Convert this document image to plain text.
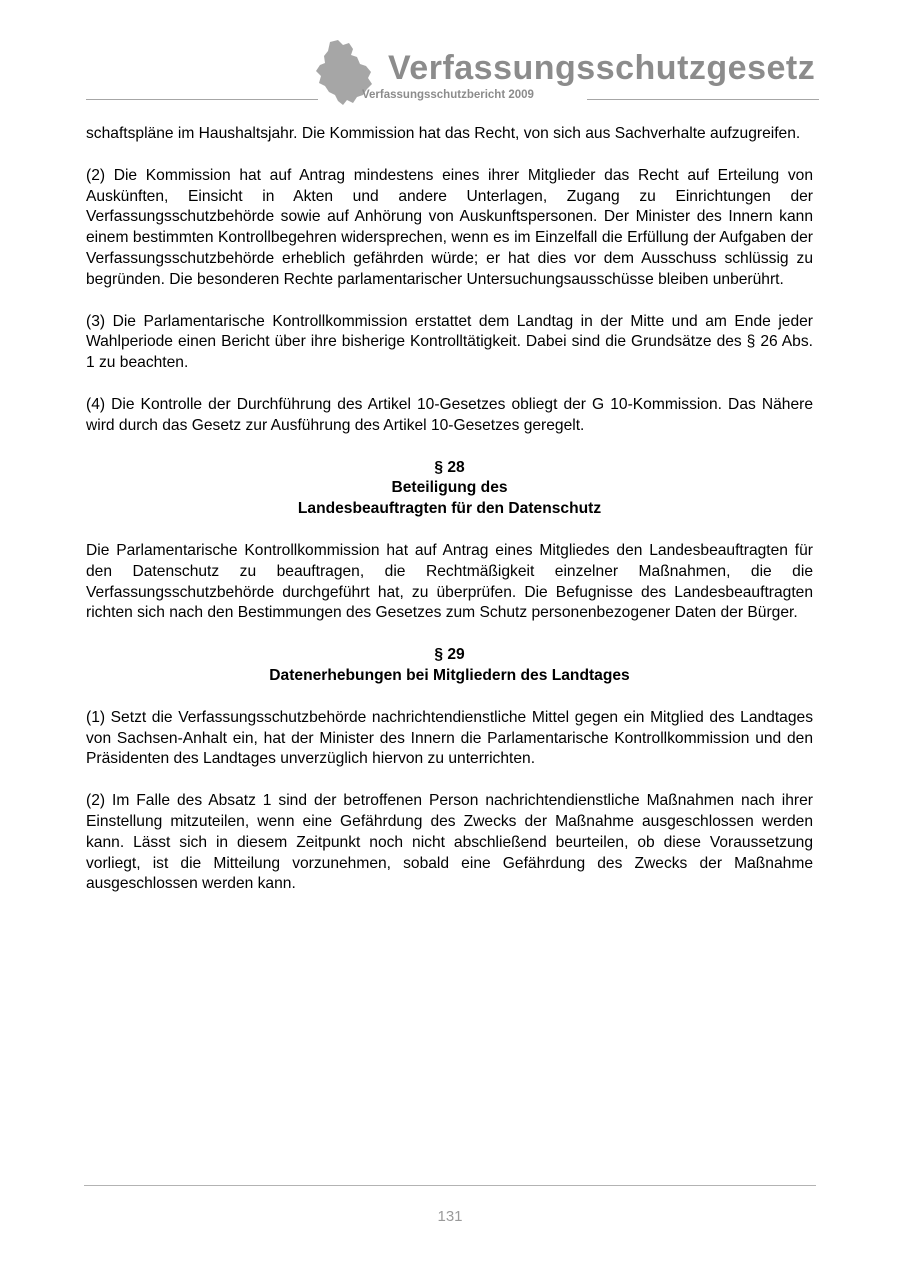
Verfassungsschutzgesetz
Verfassungsschutzbericht 2009

schaftspläne im Haushaltsjahr. Die Kommission hat das Recht, von sich aus Sachverhalte aufzugreifen.

(2) Die Kommission hat auf Antrag mindestens eines ihrer Mitglieder das Recht auf Erteilung von Auskünften, Einsicht in Akten und andere Unterlagen, Zugang zu Einrichtungen der Verfassungsschutzbehörde sowie auf Anhörung von Auskunftspersonen. Der Minister des Innern kann einem bestimmten Kontrollbegehren widersprechen, wenn es im Einzelfall die Erfüllung der Aufgaben der Verfassungsschutzbehörde erheblich gefährden würde; er hat dies vor dem Ausschuss schlüssig zu begründen. Die besonderen Rechte parlamentarischer Untersuchungsausschüsse bleiben unberührt.

(3) Die Parlamentarische Kontrollkommission erstattet dem Landtag in der Mitte und am Ende jeder Wahlperiode einen Bericht über ihre bisherige Kontrolltätigkeit. Dabei sind die Grundsätze des § 26 Abs. 1 zu beachten.

(4) Die Kontrolle der Durchführung des Artikel 10-Gesetzes obliegt der G 10-Kommission. Das Nähere wird durch das Gesetz zur Ausführung des Artikel 10-Gesetzes geregelt.

§ 28
Beteiligung des
Landesbeauftragten für den Datenschutz

Die Parlamentarische Kontrollkommission hat auf Antrag eines Mitgliedes den Landesbeauftragten für den Datenschutz zu beauftragen, die Rechtmäßigkeit einzelner Maßnahmen, die die Verfassungsschutzbehörde durchgeführt hat, zu überprüfen. Die Befugnisse des Landesbeauftragten richten sich nach den Bestimmungen des Gesetzes zum Schutz personenbezogener Daten der Bürger.

§ 29
Datenerhebungen bei Mitgliedern des Landtages

(1) Setzt die Verfassungsschutzbehörde nachrichtendienstliche Mittel gegen ein Mitglied des Landtages von Sachsen-Anhalt ein, hat der Minister des Innern die Parlamentarische Kontrollkommission und den Präsidenten des Landtages unverzüglich hiervon zu unterrichten.

(2) Im Falle des Absatz 1 sind der betroffenen Person nachrichtendienstliche Maßnahmen nach ihrer Einstellung mitzuteilen, wenn eine Gefährdung des Zwecks der Maßnahme ausgeschlossen werden kann. Lässt sich in diesem Zeitpunkt noch nicht abschließend beurteilen, ob diese Voraussetzung vorliegt, ist die Mitteilung vorzunehmen, sobald eine Gefährdung des Zwecks der Maßnahme ausgeschlossen werden kann.

131
